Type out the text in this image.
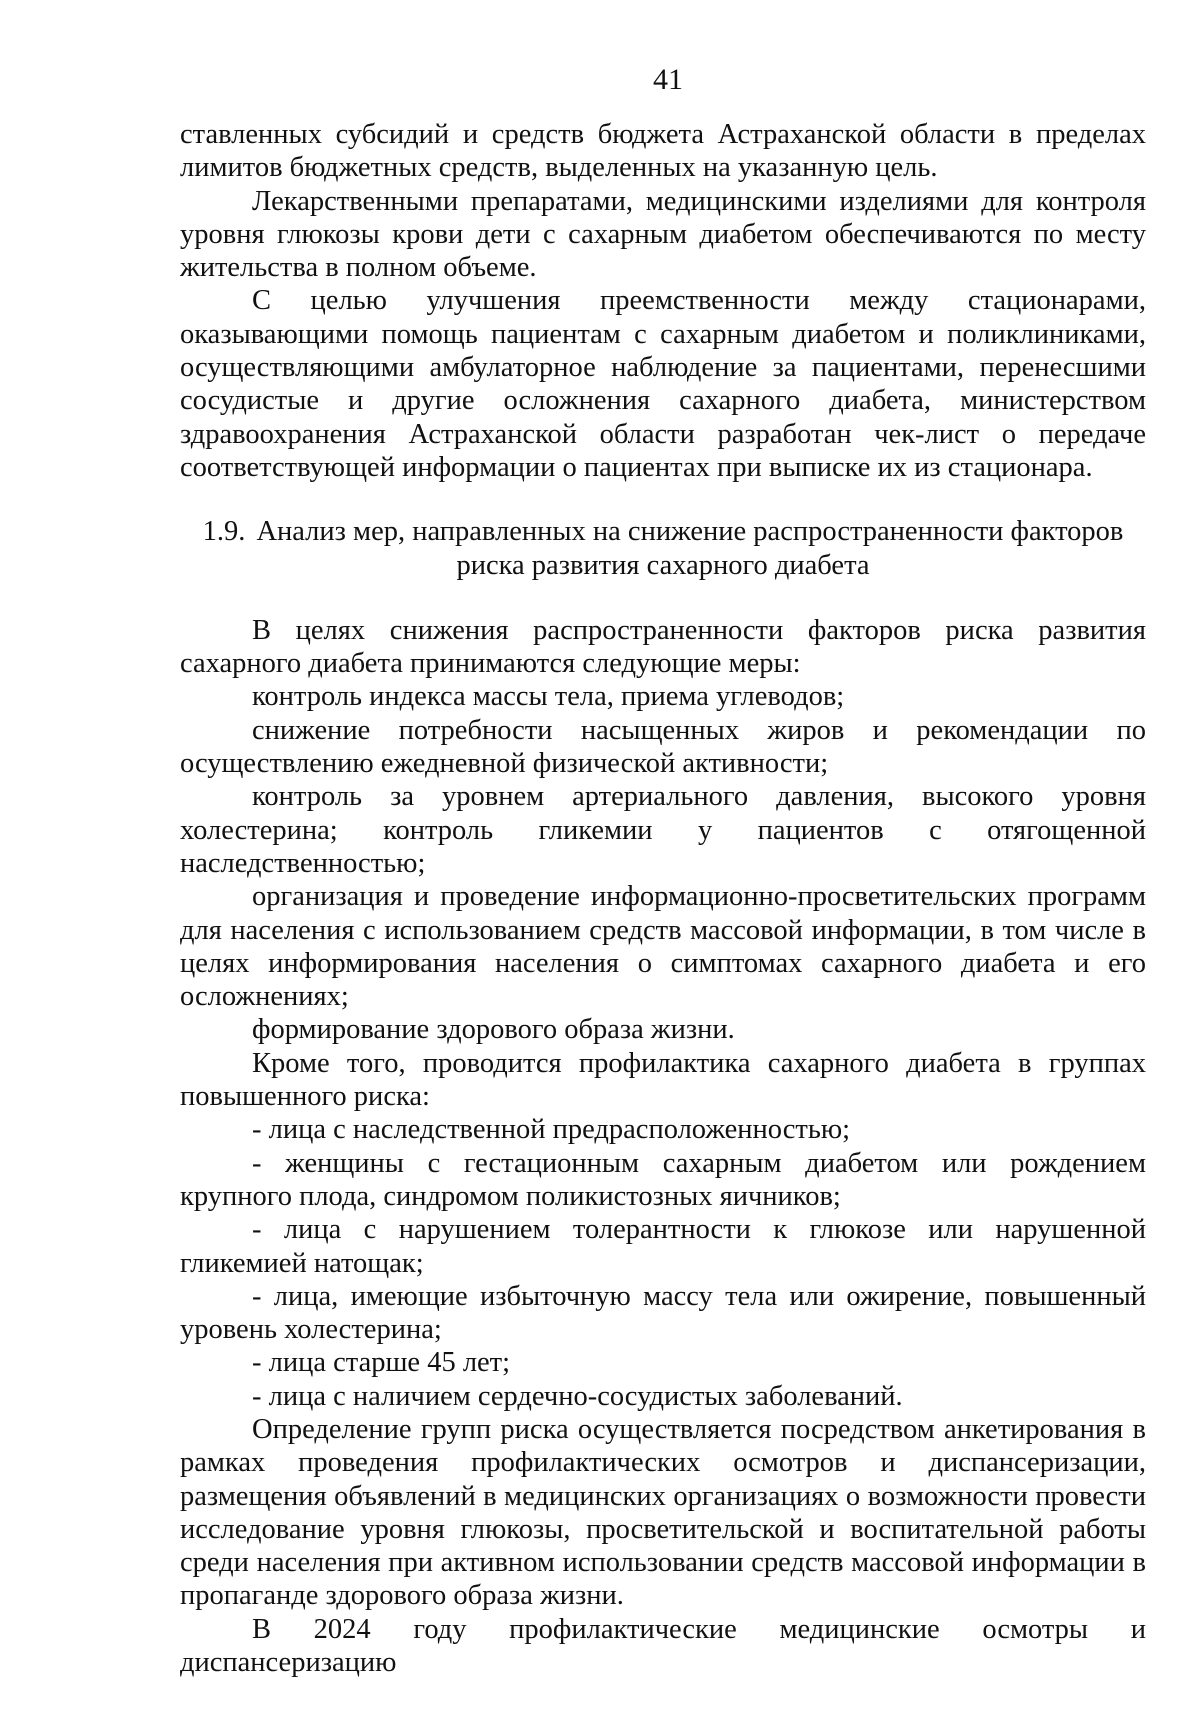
41

ставленных субсидий и средств бюджета Астраханской области в пределах лимитов бюджетных средств, выделенных на указанную цель.

Лекарственными препаратами, медицинскими изделиями для контроля уровня глюкозы крови дети с сахарным диабетом обеспечиваются по месту жительства в полном объеме.

С целью улучшения преемственности между стационарами, оказывающими помощь пациентам с сахарным диабетом и поликлиниками, осуществляющими амбулаторное наблюдение за пациентами, перенесшими сосудистые и другие осложнения сахарного диабета, министерством здравоохранения Астраханской области разработан чек-лист о передаче соответствующей информации о пациентах при выписке их из стационара.

1.9. Анализ мер, направленных на снижение распространенности факторов риска развития сахарного диабета

В целях снижения распространенности факторов риска развития сахарного диабета принимаются следующие меры:

контроль индекса массы тела, приема углеводов;

снижение потребности насыщенных жиров и рекомендации по осуществлению ежедневной физической активности;

контроль за уровнем артериального давления, высокого уровня холестерина; контроль гликемии у пациентов с отягощенной наследственностью;

организация и проведение информационно-просветительских программ для населения с использованием средств массовой информации, в том числе в целях информирования населения о симптомах сахарного диабета и его осложнениях;

формирование здорового образа жизни.

Кроме того, проводится профилактика сахарного диабета в группах повышенного риска:

- лица с наследственной предрасположенностью;

- женщины с гестационным сахарным диабетом или рождением крупного плода, синдромом поликистозных яичников;

- лица с нарушением толерантности к глюкозе или нарушенной гликемией натощак;

- лица, имеющие избыточную массу тела или ожирение, повышенный уровень холестерина;

- лица старше 45 лет;

- лица с наличием сердечно-сосудистых заболеваний.

Определение групп риска осуществляется посредством анкетирования в рамках проведения профилактических осмотров и диспансеризации, размещения объявлений в медицинских организациях о возможности провести исследование уровня глюкозы, просветительской и воспитательной работы среди населения при активном использовании средств массовой информации в пропаганде здорового образа жизни.

В 2024 году профилактические медицинские осмотры и диспансеризацию
